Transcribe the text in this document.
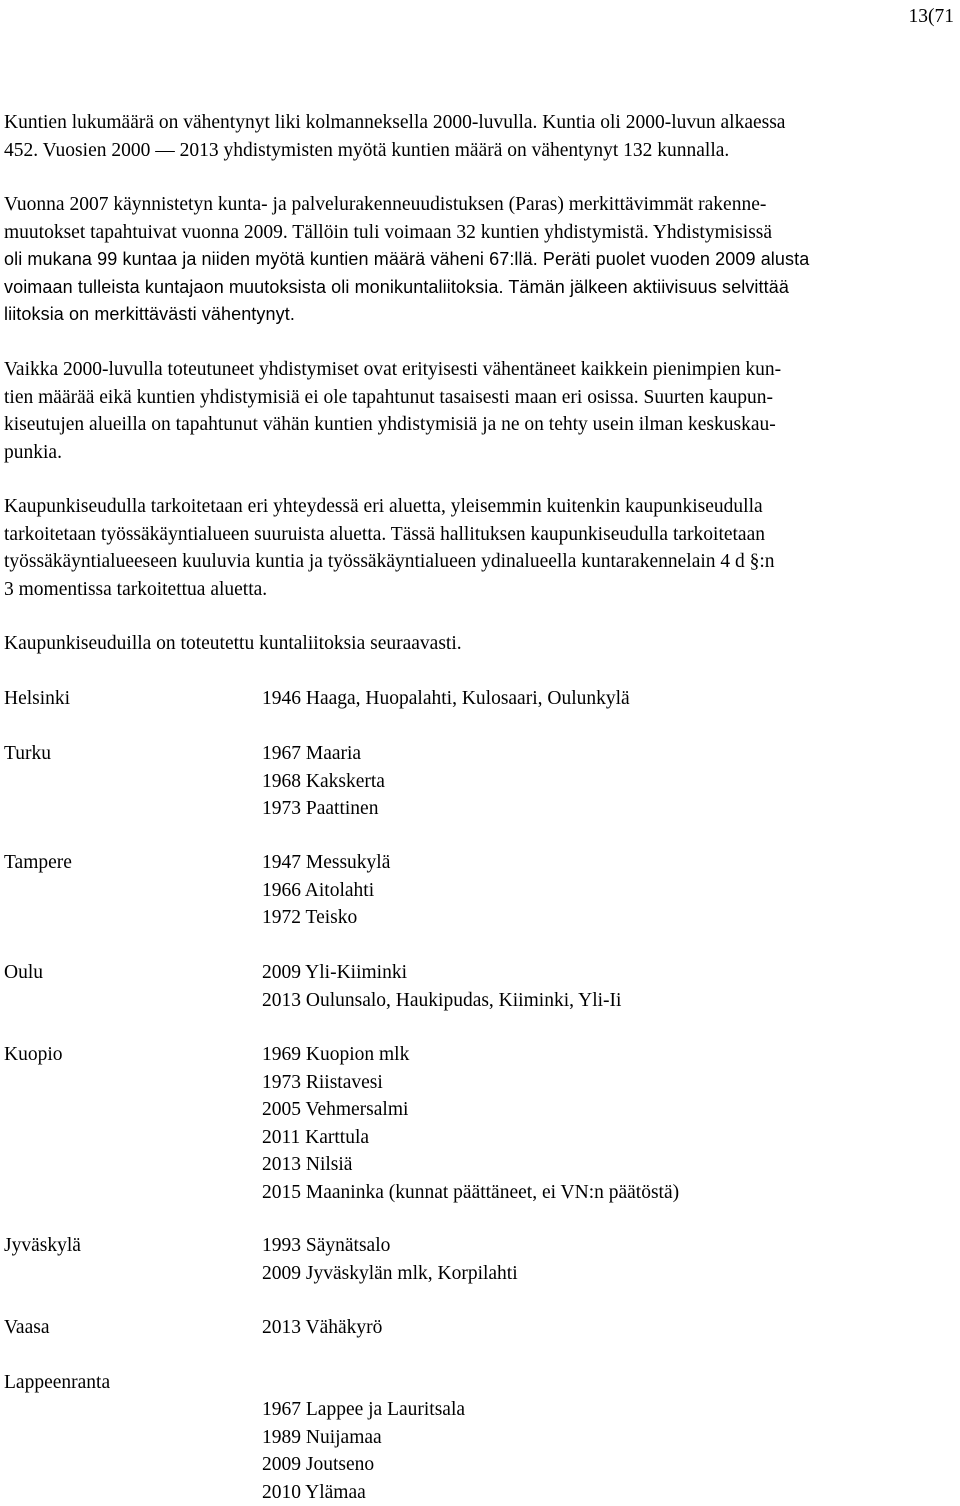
13(71

Kuntien lukumäärä on vähentynyt liki kolmanneksella 2000-luvulla. Kuntia oli 2000-luvun alkaessa
452. Vuosien 2000 — 2013 yhdistymisten myötä kuntien määrä on vähentynyt 132 kunnalla.

Vuonna 2007 käynnistetyn kunta- ja palvelurakenneuudistuksen (Paras) merkittävimmät rakenne-
muutokset tapahtuivat vuonna 2009. Tällöin tuli voimaan 32 kuntien yhdistymistä. Yhdistymisissä
oli mukana 99 kuntaa ja niiden myötä kuntien määrä väheni 67:llä. Peräti puolet vuoden 2009 alusta
voimaan tulleista kuntajaon muutoksista oli monikuntaliitoksia. Tämän jälkeen aktiivisuus selvittää
liitoksia on merkittävästi vähentynyt.

Vaikka 2000-luvulla toteutuneet yhdistymiset ovat erityisesti vähentäneet kaikkein pienimpien kun-
tien määrää eikä kuntien yhdistymisiä ei ole tapahtunut tasaisesti maan eri osissa. Suurten kaupun-
kiseutujen alueilla on tapahtunut vähän kuntien yhdistymisiä ja ne on tehty usein ilman keskuskau-
punkia.

Kaupunkiseudulla tarkoitetaan eri yhteydessä eri aluetta, yleisemmin kuitenkin kaupunkiseudulla
tarkoitetaan työssäkäyntialueen suuruista aluetta. Tässä hallituksen kaupunkiseudulla tarkoitetaan
työssäkäyntialueeseen kuuluvia kuntia ja työssäkäyntialueen ydinalueella kuntarakennelain 4 d §:n
3 momentissa tarkoitettua aluetta.

Kaupunkiseuduilla on toteutettu kuntaliitoksia seuraavasti.

Helsinki	1946 Haaga, Huopalahti, Kulosaari, Oulunkylä
Turku	1967 Maaria
1968 Kakskerta
1973 Paattinen
Tampere	1947 Messukylä
1966 Aitolahti
1972 Teisko
Oulu	2009 Yli-Kiiminki
2013 Oulunsalo, Haukipudas, Kiiminki, Yli-Ii
Kuopio	1969 Kuopion mlk
1973 Riistavesi
2005 Vehmersalmi
2011 Karttula
2013 Nilsiä
2015 Maaninka (kunnat päättäneet, ei VN:n päätöstä)
Jyväskylä	1993 Säynätsalo
2009 Jyväskylän mlk, Korpilahti
Vaasa	2013 Vähäkyrö
Lappeenranta
1967 Lappee ja Lauritsala
1989 Nuijamaa
2009 Joutseno
2010 Ylämaa
